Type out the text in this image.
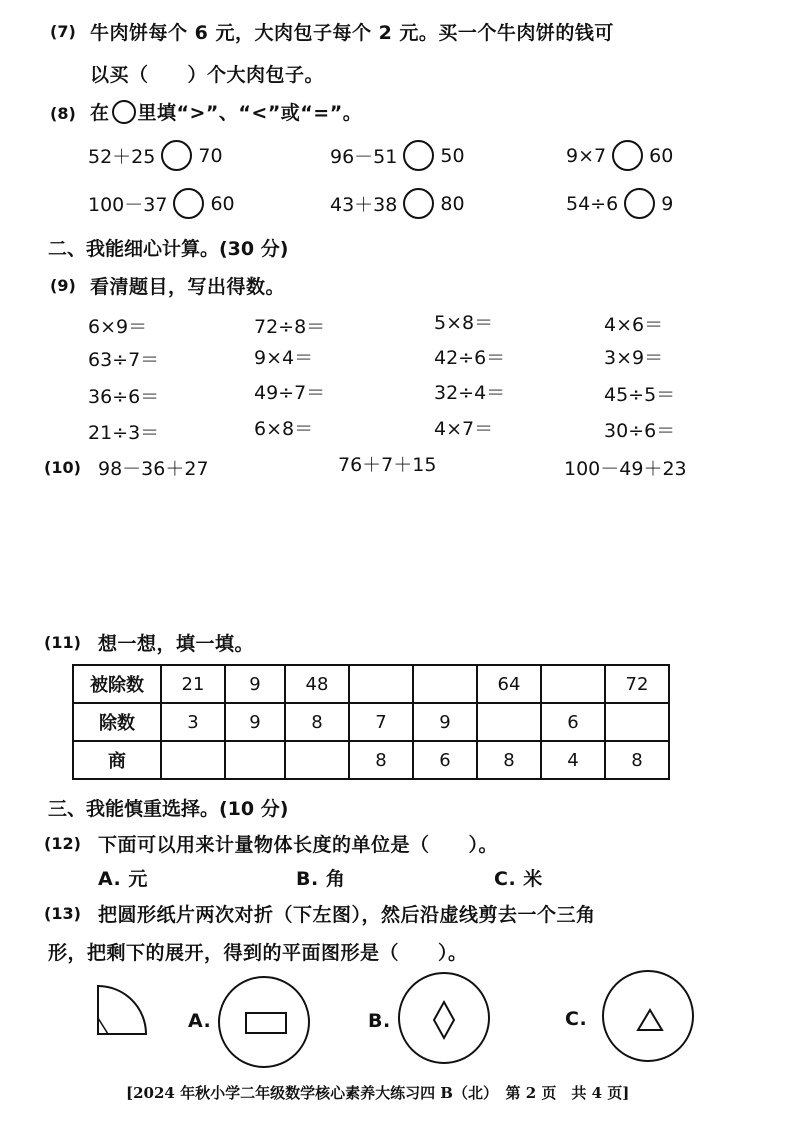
(7) 牛肉饼每个 6 元，大肉包子每个 2 元。买一个牛肉饼的钱可
以买（　　）个大肉包子。
(8) 在 里填“>”、“<”或“=”。
52＋25 70	96－51 50	9×7 60
100－37 60	43＋38 80	54÷6 9
二、我能细心计算。(30 分)
(9) 看清题目，写出得数。
6×9＝	72÷8＝	5×8＝	4×6＝
63÷7＝	9×4＝	42÷6＝	3×9＝
36÷6＝	49÷7＝	32÷4＝	45÷5＝
21÷3＝	6×8＝	4×7＝	30÷6＝
(10) 98－36＋27	76＋7＋15	100－49＋23
(11) 想一想，填一填。
被除数	21	9	48			64		72
除数	3	9	8	7	9		6	
商				8	6	8	4	8
三、我能慎重选择。(10 分)
(12) 下面可以用来计量物体长度的单位是（　　）。
A. 元	B. 角	C. 米
(13) 把圆形纸片两次对折（下左图），然后沿虚线剪去一个三角
形，把剩下的展开，得到的平面图形是（　　）。
A.	B.	C.
[2024 年秋小学二年级数学核心素养大练习四 B（北）　第 2 页　共 4 页]
